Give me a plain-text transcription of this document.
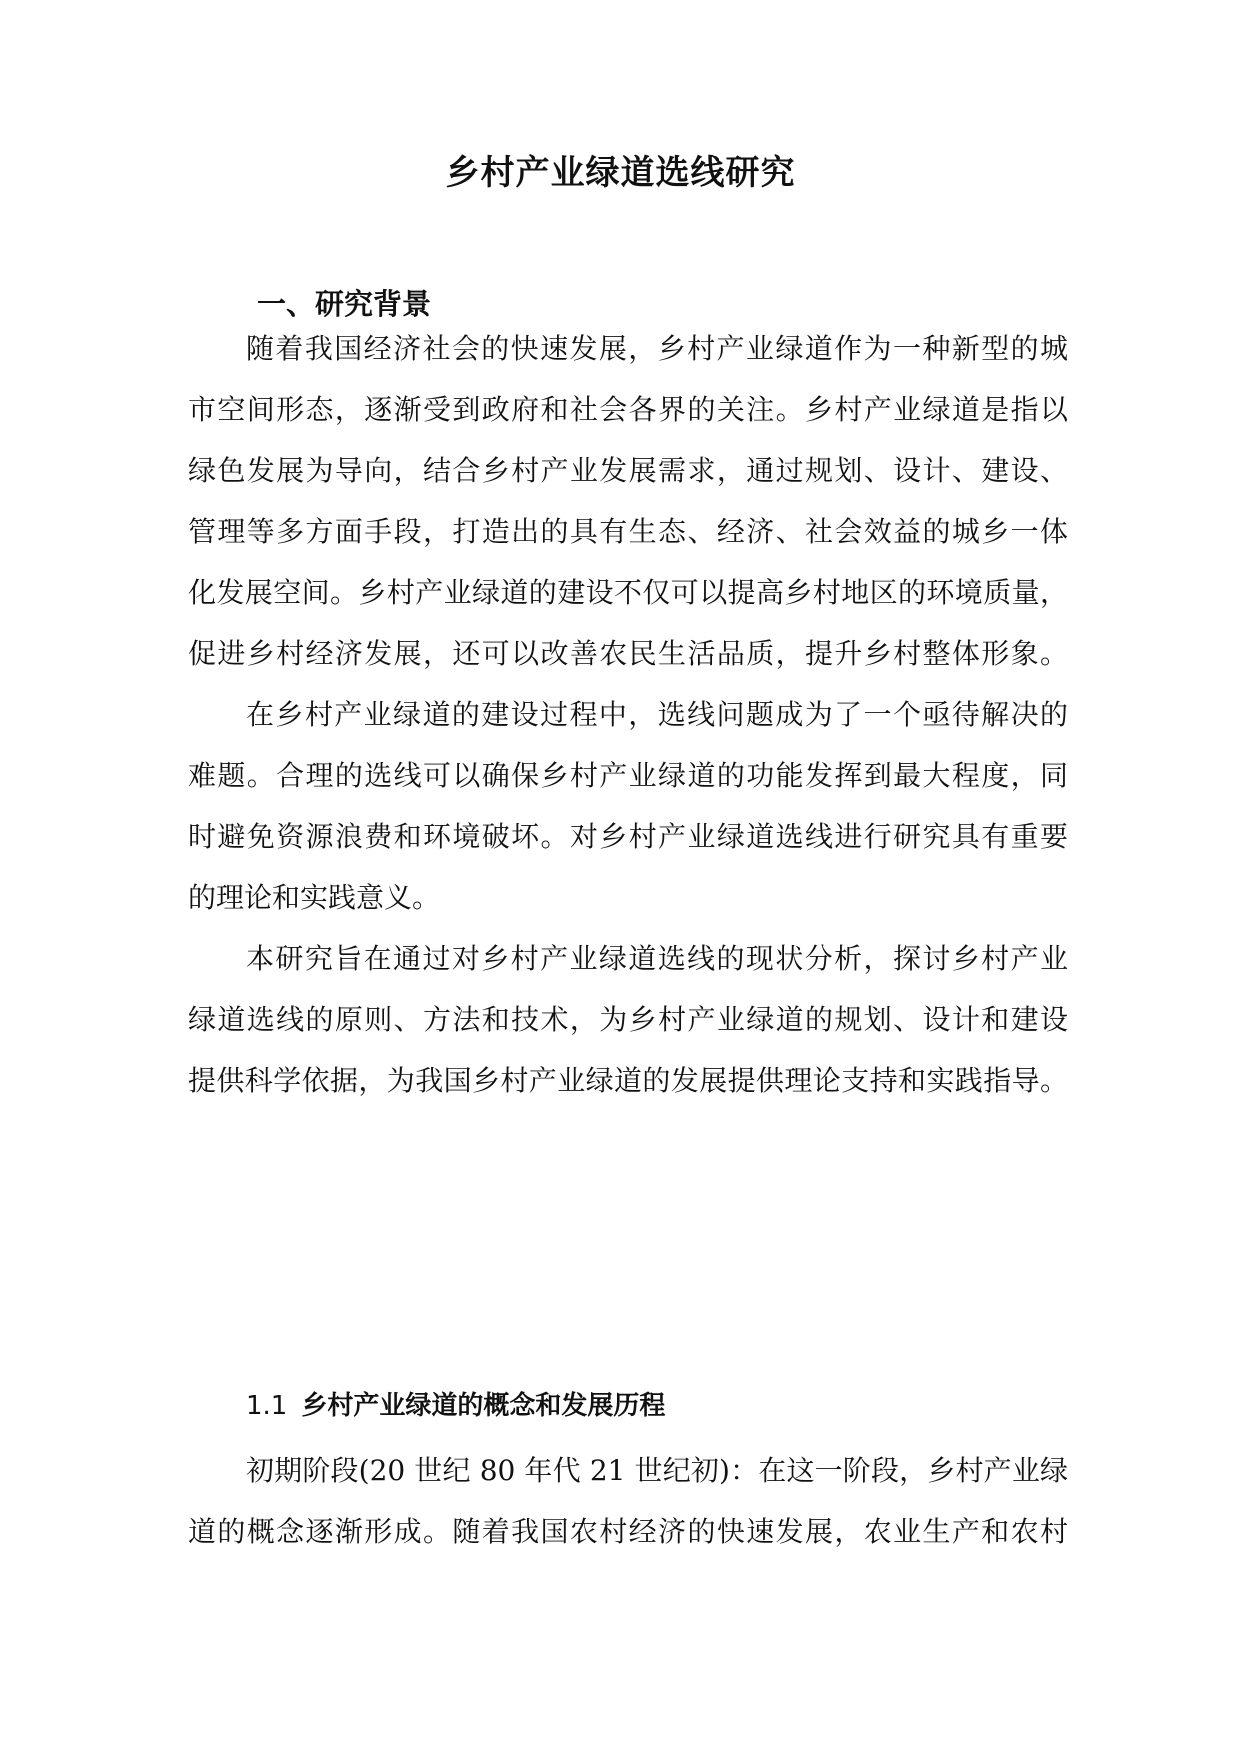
乡村产业绿道选线研究
一、研究背景
随着我国经济社会的快速发展，乡村产业绿道作为一种新型的城
市空间形态，逐渐受到政府和社会各界的关注。乡村产业绿道是指以
绿色发展为导向，结合乡村产业发展需求，通过规划、设计、建设、
管理等多方面手段，打造出的具有生态、经济、社会效益的城乡一体
化发展空间。乡村产业绿道的建设不仅可以提高乡村地区的环境质量，
促进乡村经济发展，还可以改善农民生活品质，提升乡村整体形象。
在乡村产业绿道的建设过程中，选线问题成为了一个亟待解决的
难题。合理的选线可以确保乡村产业绿道的功能发挥到最大程度，同
时避免资源浪费和环境破坏。对乡村产业绿道选线进行研究具有重要
的理论和实践意义。
本研究旨在通过对乡村产业绿道选线的现状分析，探讨乡村产业
绿道选线的原则、方法和技术，为乡村产业绿道的规划、设计和建设
提供科学依据，为我国乡村产业绿道的发展提供理论支持和实践指导。
1.1 乡村产业绿道的概念和发展历程
初期阶段(20 世纪 80 年代 21 世纪初)：在这一阶段，乡村产业绿
道的概念逐渐形成。随着我国农村经济的快速发展，农业生产和农村
